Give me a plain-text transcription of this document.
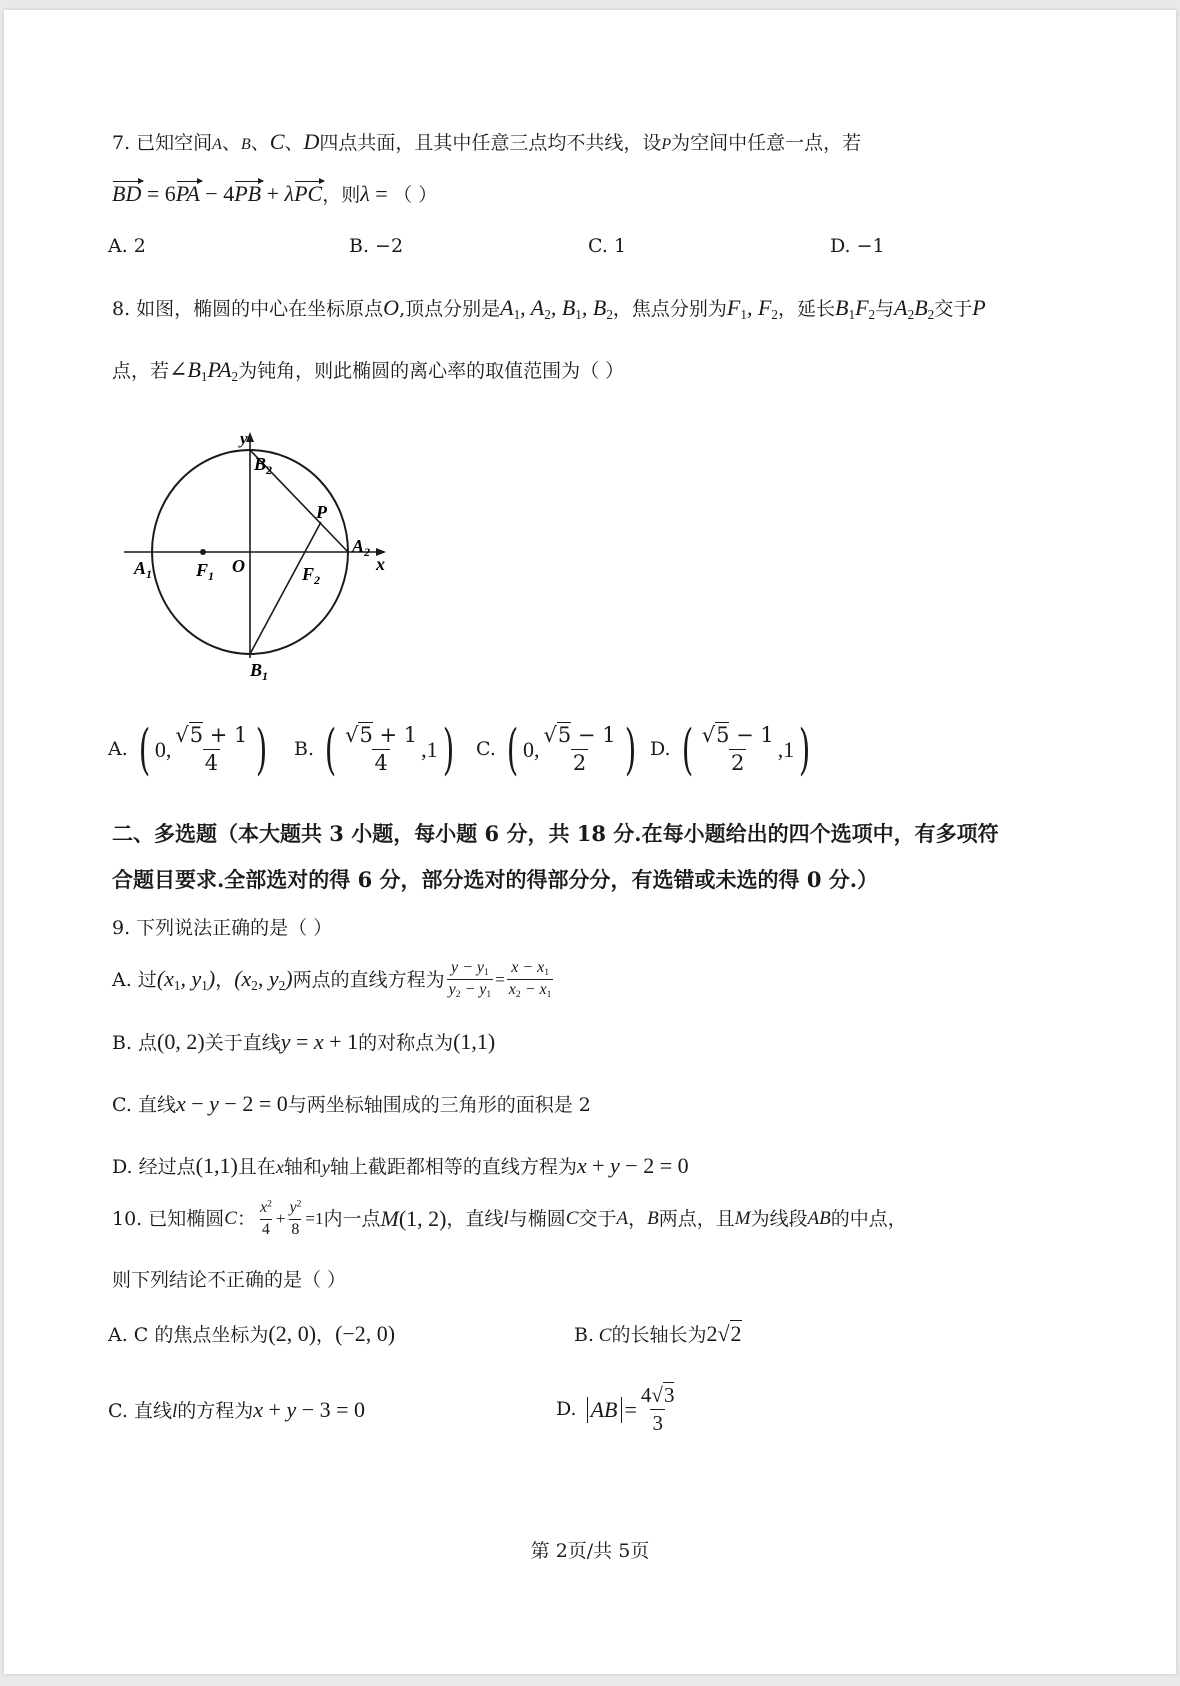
7. 已知空间A、B、C、D四点共面，且其中任意三点均不共线，设P为空间中任意一点，若
BD = 6PA − 4PB + λPC，则λ = （ ）
A. 2	B. −2	C. 1	D. −1
8. 如图，椭圆的中心在坐标原点O,顶点分别是$A_1$, $A_2$, $B_1$, $B_2$，焦点分别为$F_1$, $F_2$，延长$B_1F_2$与$A_2B_2$交于P
点，若$\angle B_1PA_2$为钝角，则此椭圆的离心率的取值范围为（ ）
y
x
$B_2$
$B_1$
$A_1$
$A_2$
$F_1$	$F_2$
O
P
A. ( 0, $\frac{√5 + 1}{4}$ ) B. ( $\frac{√5 + 1}{4} ,1$ ) C. ( 0, $\frac{√5 - 1}{2}$ ) D. ( $\frac{√5 - 1}{2} ,1$ )
二、多选题（本大题共 3 小题，每小题 6 分，共 18 分.在每小题给出的四个选项中，有多项符
合题目要求.全部选对的得 6 分，部分选对的得部分分，有选错或未选的得 0 分.）
9. 下列说法正确的是（ ）
A. 过 ($x_1$, $y_1$) ， ($x_2$, $y_2$) 两点的直线方程为 $\frac{y - y_1}{y_2 - y_1} = \frac{x - x_1}{x_2 - x_1}$
B. 点(0, 2)关于直线y = x + 1的对称点为(1,1)
C. 直线x − y − 2 = 0与两坐标轴围成的三角形的面积是 2
D. 经过点(1,1)且在x轴和y轴上截距都相等的直线方程为x + y − 2 = 0
10. 已知椭圆 C ： $\frac{x^2}{4} + \frac{y^2}{8} =1$ 内一点 M (1, 2) ，直线 l 与椭圆 C 交于 A ， B 两点，且 M 为线段 AB 的中点，
则下列结论不正确的是（ ）
A. C 的焦点坐标为(2, 0)，(−2, 0)	B. C的长轴长为2√2
C. 直线l的方程为x + y − 3 = 0	D. AB = $\frac{4√3}{3}$
第 2页/共 5页
